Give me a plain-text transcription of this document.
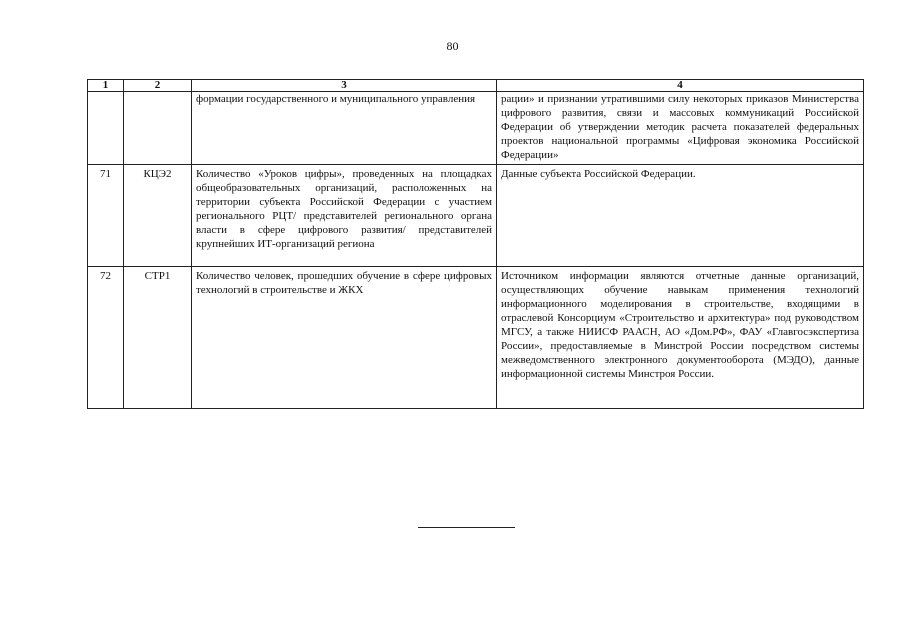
80
1	2	3	4
		формации государственного и муниципального управления	рации» и признании утратившими силу некоторых приказов Министерства цифрового развития, связи и массовых коммуникаций Российской Федерации об утверждении методик расчета показателей федеральных проектов национальной программы «Цифровая экономика Российской Федерации»
71	КЦЭ2	Количество «Уроков цифры», проведенных на площадках общеобразовательных организаций, расположенных на территории субъекта Российской Федерации с участием регионального РЦТ/ представителей регионального органа власти в сфере цифрового развития/ представителей крупнейших ИТ-организаций региона	Данные субъекта Российской Федерации.
72	СТР1	Количество человек, прошедших обучение в сфере цифровых технологий в строительстве и ЖКХ	Источником информации являются отчетные данные организаций, осуществляющих обучение навыкам применения технологий информационного моделирования в строительстве, входящими в отраслевой Консорциум «Строительство и архитектура» под руководством МГСУ, а также НИИСФ РААСН, АО «Дом.РФ», ФАУ «Главгосэкспертиза России», предоставляемые в Минстрой России посредством системы межведомственного электронного документооборота (МЭДО), данные информационной системы Минстроя России.
